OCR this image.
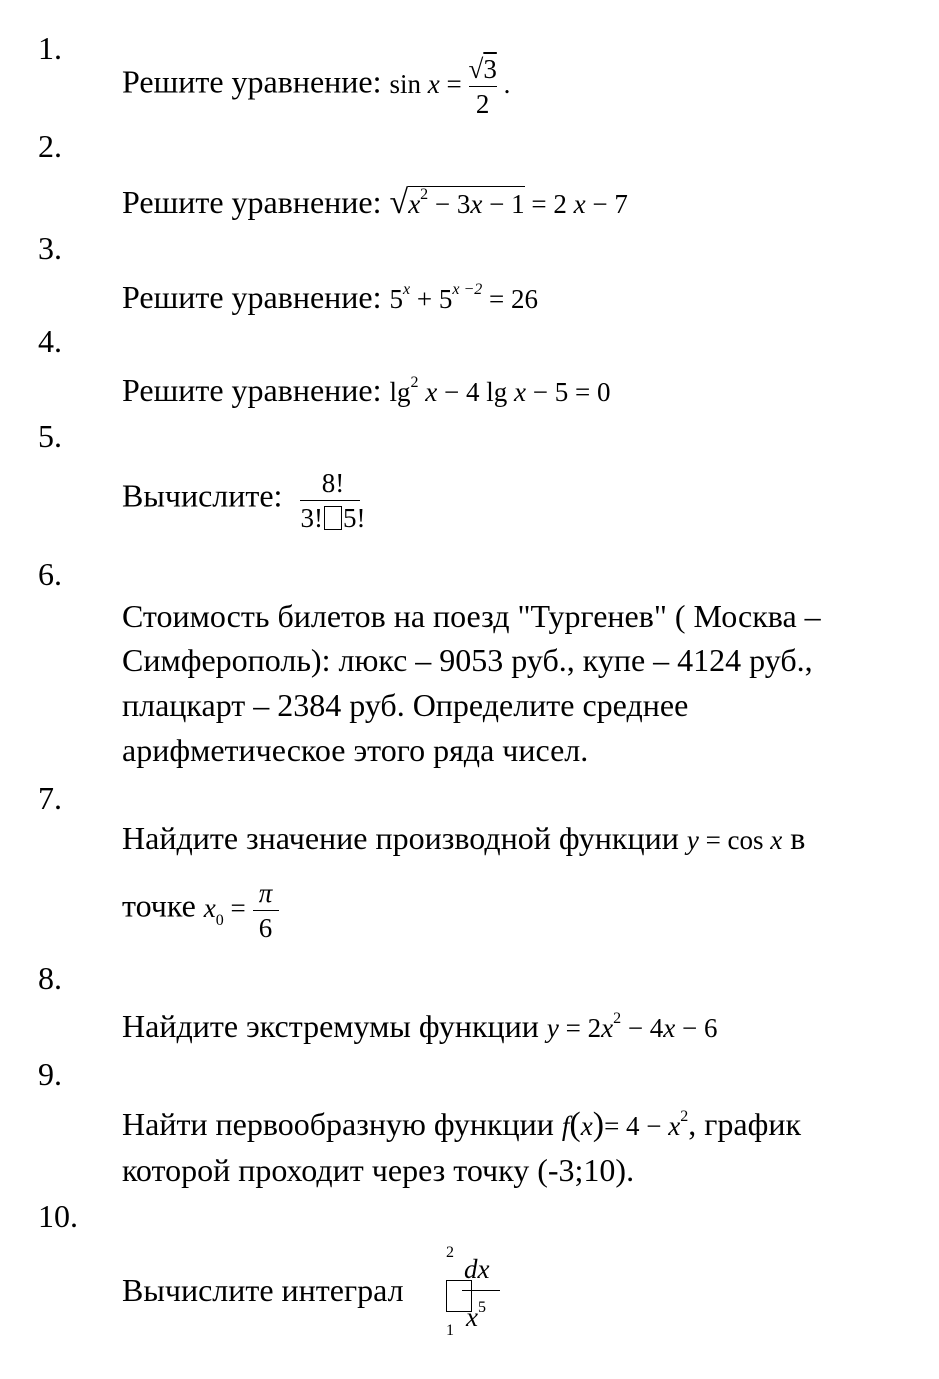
1.
Решите уравнение: $\sin x = \frac{√3}{2}$ .
2.
Решите уравнение: $√x^2 - 3x - 1 = 2$ x − 7
3.
Решите уравнение: $5^x + 5^{x -2} = 26$
4.
Решите уравнение: $\lg^2 x - 4$ lg x − 5 = 0
5.
Вычислите: $\frac{8!}{3! 5!}$
6.
Стоимость билетов на поезд "Тургенев" ( Москва –
Симферополь): люкс – 9053 руб., купе – 4124 руб.,
плацкарт – 2384 руб. Определите среднее
арифметическое этого ряда чисел.
7.
Найдите значение производной функции y = cos x в
точке $x_0 = \frac{\pi}{6}$
8.
Найдите экстремумы функции $y = 2x^2 - 4x - 6$
9.
Найти первообразную функции $f(x)= 4 - x^2$, график
которой проходит через точку (-3;10).
10.
Вычислите интеграл
2
1
dx
$x^5$
